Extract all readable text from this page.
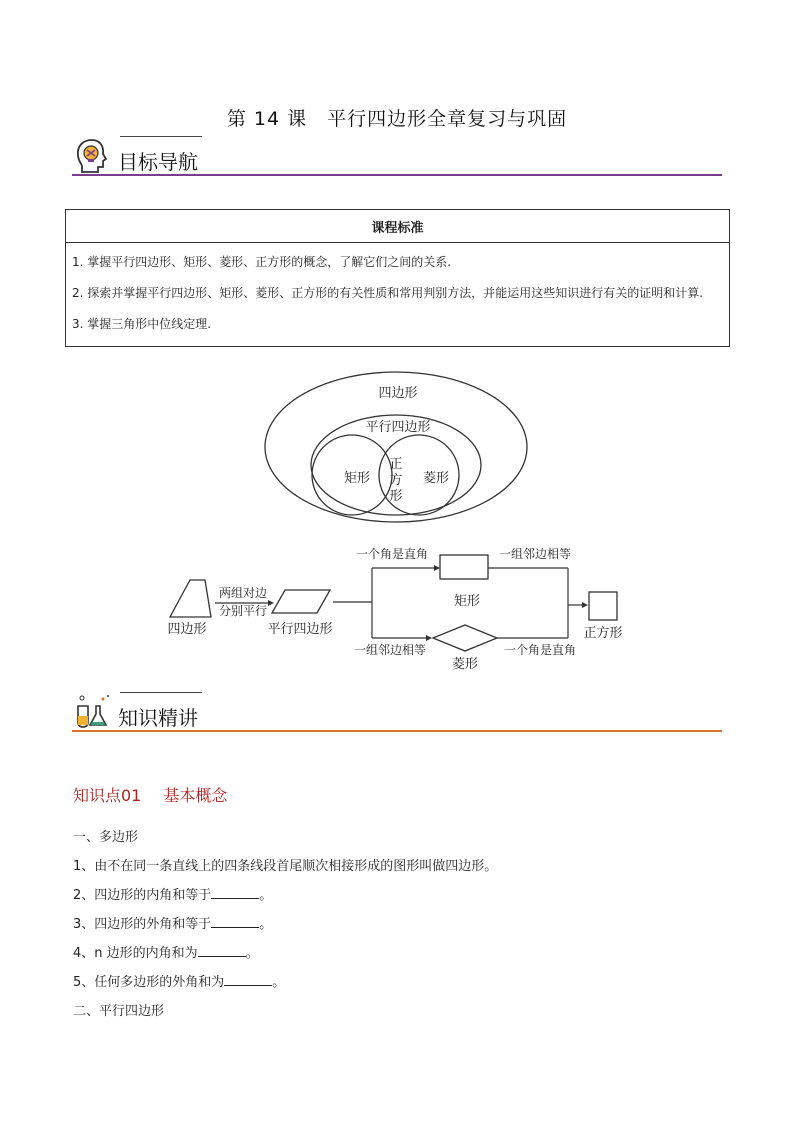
第 14 课　平行四边形全章复习与巩固
目标导航
课程标准

1. 掌握平行四边形、矩形、菱形、正方形的概念，了解它们之间的关系.
2. 探索并掌握平行四边形、矩形、菱形、正方形的有关性质和常用判别方法，并能运用这些知识进行有关的证明和计算.
3. 掌握三角形中位线定理.
四边形
平行四边形
矩形	菱形
正
方
形
四边形
两组对边
分别平行
平行四边形
一个角是直角
矩形
一组邻边相等
一组邻边相等
菱形
一个角是直角
正方形
知识精讲
知识点01 基本概念
一、多边形
1、由不在同一条直线上的四条线段首尾顺次相接形成的图形叫做四边形。
2、四边形的内角和等于	。
3、四边形的外角和等于	。
4、n 边形的内角和为	。
5、任何多边形的外角和为	。
二、平行四边形
